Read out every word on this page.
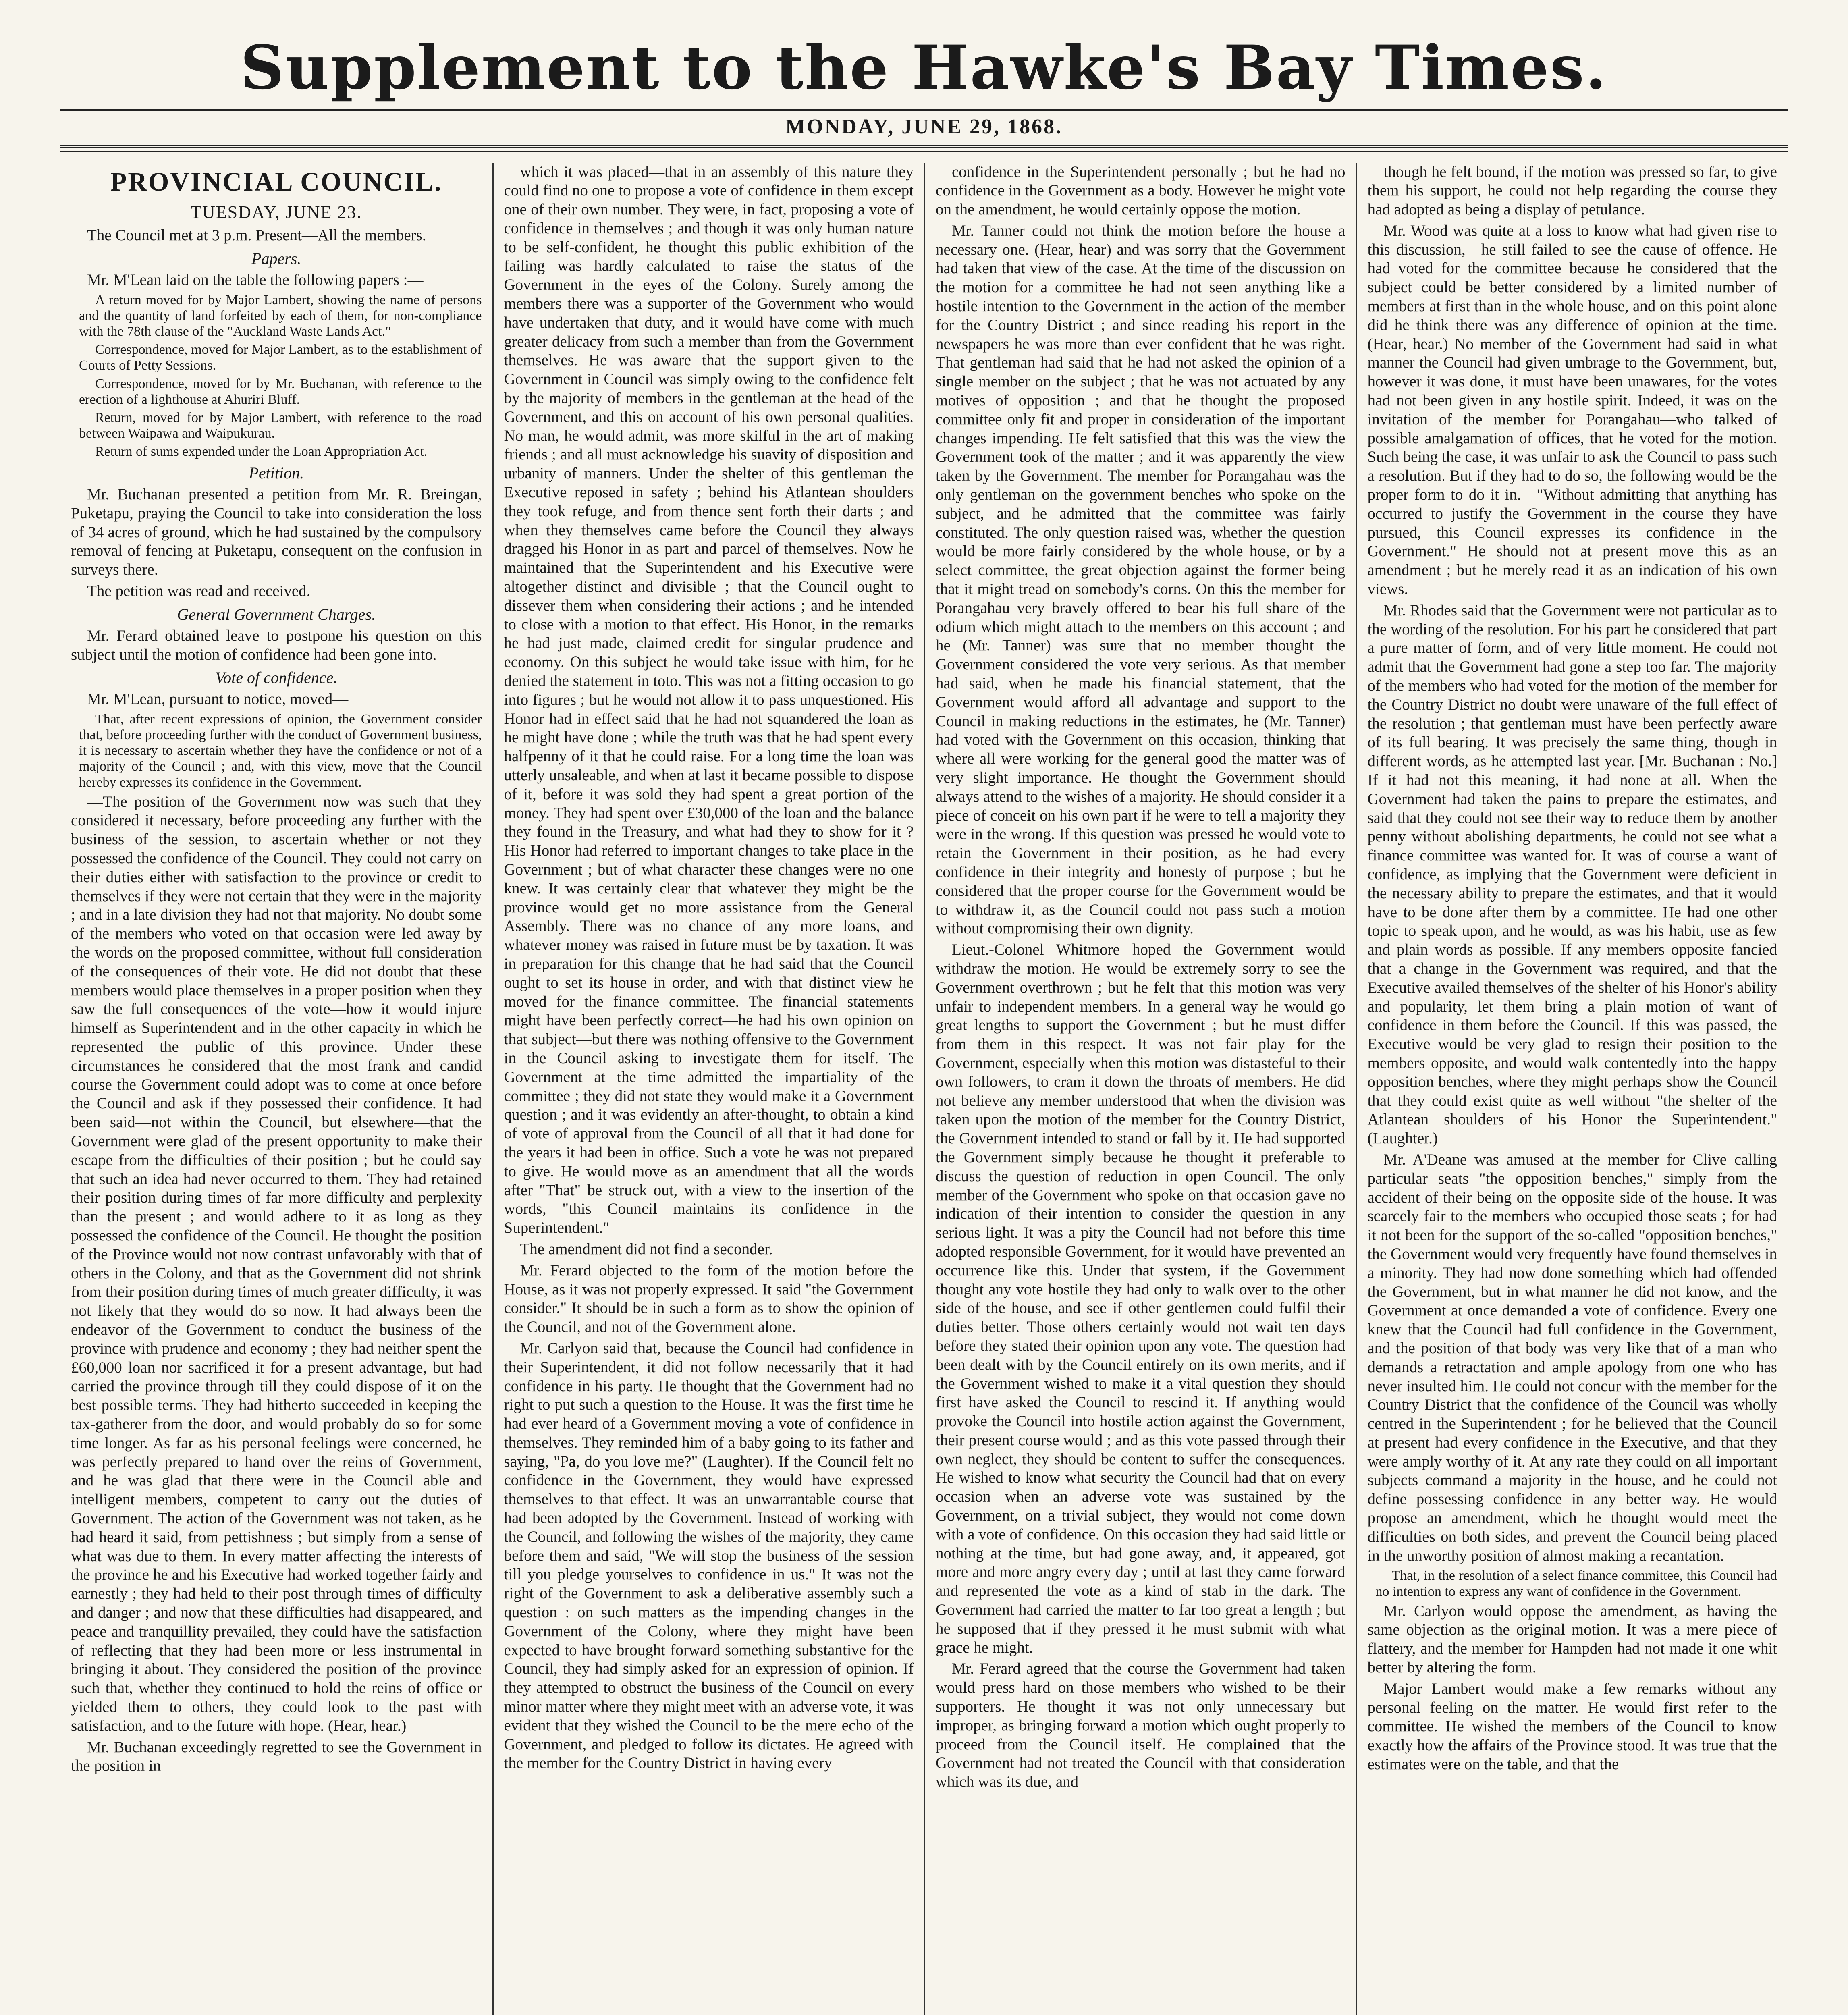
Supplement to the Hawke's Bay Times.
MONDAY, JUNE 29, 1868.
PROVINCIAL COUNCIL.
TUESDAY, JUNE 23.

The Council met at 3 p.m. Present—All the members.

Papers.

Mr. M'Lean laid on the table the following papers :—

A return moved for by Major Lambert, showing the name of persons and the quantity of land forfeited by each of them, for non-compliance with the 78th clause of the "Auckland Waste Lands Act."

Correspondence, moved for Major Lambert, as to the establishment of Courts of Petty Sessions.

Correspondence, moved for by Mr. Buchanan, with reference to the erection of a lighthouse at Ahuriri Bluff.

Return, moved for by Major Lambert, with reference to the road between Waipawa and Waipukurau.

Return of sums expended under the Loan Appropriation Act.

Petition.

Mr. Buchanan presented a petition from Mr. R. Breingan, Puketapu, praying the Council to take into consideration the loss of 34 acres of ground, which he had sustained by the compulsory removal of fencing at Puketapu, consequent on the confusion in surveys there.

The petition was read and received.

General Government Charges.

Mr. Ferard obtained leave to postpone his question on this subject until the motion of confidence had been gone into.

Vote of confidence.

Mr. M'Lean, pursuant to notice, moved—

That, after recent expressions of opinion, the Government consider that, before proceeding further with the conduct of Government business, it is necessary to ascertain whether they have the confidence or not of a majority of the Council ; and, with this view, move that the Council hereby expresses its confidence in the Government.

—The position of the Government now was such that they considered it necessary, before proceeding any further with the business of the session, to ascertain whether or not they possessed the confidence of the Council. They could not carry on their duties either with satisfaction to the province or credit to themselves if they were not certain that they were in the majority ; and in a late division they had not that majority. No doubt some of the members who voted on that occasion were led away by the words on the proposed committee, without full consideration of the consequences of their vote. He did not doubt that these members would place themselves in a proper position when they saw the full consequences of the vote—how it would injure himself as Superintendent and in the other capacity in which he represented the public of this province. Under these circumstances he considered that the most frank and candid course the Government could adopt was to come at once before the Council and ask if they possessed their confidence. It had been said—not within the Council, but elsewhere—that the Government were glad of the present opportunity to make their escape from the difficulties of their position ; but he could say that such an idea had never occurred to them. They had retained their position during times of far more difficulty and perplexity than the present ; and would adhere to it as long as they possessed the confidence of the Council. He thought the position of the Province would not now contrast unfavorably with that of others in the Colony, and that as the Government did not shrink from their position during times of much greater difficulty, it was not likely that they would do so now. It had always been the endeavor of the Government to conduct the business of the province with prudence and economy ; they had neither spent the £60,000 loan nor sacrificed it for a present advantage, but had carried the province through till they could dispose of it on the best possible terms. They had hitherto succeeded in keeping the tax-gatherer from the door, and would probably do so for some time longer. As far as his personal feelings were concerned, he was perfectly prepared to hand over the reins of Government, and he was glad that there were in the Council able and intelligent members, competent to carry out the duties of Government. The action of the Government was not taken, as he had heard it said, from pettishness ; but simply from a sense of what was due to them. In every matter affecting the interests of the province he and his Executive had worked together fairly and earnestly ; they had held to their post through times of difficulty and danger ; and now that these difficulties had disappeared, and peace and tranquillity prevailed, they could have the satisfaction of reflecting that they had been more or less instrumental in bringing it about. They considered the position of the province such that, whether they continued to hold the reins of office or yielded them to others, they could look to the past with satisfaction, and to the future with hope. (Hear, hear.)

Mr. Buchanan exceedingly regretted to see the Government in the position in

which it was placed—that in an assembly of this nature they could find no one to propose a vote of confidence in them except one of their own number. They were, in fact, proposing a vote of confidence in themselves ; and though it was only human nature to be self-confident, he thought this public exhibition of the failing was hardly calculated to raise the status of the Government in the eyes of the Colony. Surely among the members there was a supporter of the Government who would have undertaken that duty, and it would have come with much greater delicacy from such a member than from the Government themselves. He was aware that the support given to the Government in Council was simply owing to the confidence felt by the majority of members in the gentleman at the head of the Government, and this on account of his own personal qualities. No man, he would admit, was more skilful in the art of making friends ; and all must acknowledge his suavity of disposition and urbanity of manners. Under the shelter of this gentleman the Executive reposed in safety ; behind his Atlantean shoulders they took refuge, and from thence sent forth their darts ; and when they themselves came before the Council they always dragged his Honor in as part and parcel of themselves. Now he maintained that the Superintendent and his Executive were altogether distinct and divisible ; that the Council ought to dissever them when considering their actions ; and he intended to close with a motion to that effect. His Honor, in the remarks he had just made, claimed credit for singular prudence and economy. On this subject he would take issue with him, for he denied the statement in toto. This was not a fitting occasion to go into figures ; but he would not allow it to pass unquestioned. His Honor had in effect said that he had not squandered the loan as he might have done ; while the truth was that he had spent every halfpenny of it that he could raise. For a long time the loan was utterly unsaleable, and when at last it became possible to dispose of it, before it was sold they had spent a great portion of the money. They had spent over £30,000 of the loan and the balance they found in the Treasury, and what had they to show for it ? His Honor had referred to important changes to take place in the Government ; but of what character these changes were no one knew. It was certainly clear that whatever they might be the province would get no more assistance from the General Assembly. There was no chance of any more loans, and whatever money was raised in future must be by taxation. It was in preparation for this change that he had said that the Council ought to set its house in order, and with that distinct view he moved for the finance committee. The financial statements might have been perfectly correct—he had his own opinion on that subject—but there was nothing offensive to the Government in the Council asking to investigate them for itself. The Government at the time admitted the impartiality of the committee ; they did not state they would make it a Government question ; and it was evidently an after-thought, to obtain a kind of vote of approval from the Council of all that it had done for the years it had been in office. Such a vote he was not prepared to give. He would move as an amendment that all the words after "That" be struck out, with a view to the insertion of the words, "this Council maintains its confidence in the Superintendent."

The amendment did not find a seconder.

Mr. Ferard objected to the form of the motion before the House, as it was not properly expressed. It said "the Government consider." It should be in such a form as to show the opinion of the Council, and not of the Government alone.

Mr. Carlyon said that, because the Council had confidence in their Superintendent, it did not follow necessarily that it had confidence in his party. He thought that the Government had no right to put such a question to the House. It was the first time he had ever heard of a Government moving a vote of confidence in themselves. They reminded him of a baby going to its father and saying, "Pa, do you love me?" (Laughter). If the Council felt no confidence in the Government, they would have expressed themselves to that effect. It was an unwarrantable course that had been adopted by the Government. Instead of working with the Council, and following the wishes of the majority, they came before them and said, "We will stop the business of the session till you pledge yourselves to confidence in us." It was not the right of the Government to ask a deliberative assembly such a question : on such matters as the impending changes in the Government of the Colony, where they might have been expected to have brought forward something substantive for the Council, they had simply asked for an expression of opinion. If they attempted to obstruct the business of the Council on every minor matter where they might meet with an adverse vote, it was evident that they wished the Council to be the mere echo of the Government, and pledged to follow its dictates. He agreed with the member for the Country District in having every

confidence in the Superintendent personally ; but he had no confidence in the Government as a body. However he might vote on the amendment, he would certainly oppose the motion.

Mr. Tanner could not think the motion before the house a necessary one. (Hear, hear) and was sorry that the Government had taken that view of the case. At the time of the discussion on the motion for a committee he had not seen anything like a hostile intention to the Government in the action of the member for the Country District ; and since reading his report in the newspapers he was more than ever confident that he was right. That gentleman had said that he had not asked the opinion of a single member on the subject ; that he was not actuated by any motives of opposition ; and that he thought the proposed committee only fit and proper in consideration of the important changes impending. He felt satisfied that this was the view the Government took of the matter ; and it was apparently the view taken by the Government. The member for Porangahau was the only gentleman on the government benches who spoke on the subject, and he admitted that the committee was fairly constituted. The only question raised was, whether the question would be more fairly considered by the whole house, or by a select committee, the great objection against the former being that it might tread on somebody's corns. On this the member for Porangahau very bravely offered to bear his full share of the odium which might attach to the members on this account ; and he (Mr. Tanner) was sure that no member thought the Government considered the vote very serious. As that member had said, when he made his financial statement, that the Government would afford all advantage and support to the Council in making reductions in the estimates, he (Mr. Tanner) had voted with the Government on this occasion, thinking that where all were working for the general good the matter was of very slight importance. He thought the Government should always attend to the wishes of a majority. He should consider it a piece of conceit on his own part if he were to tell a majority they were in the wrong. If this question was pressed he would vote to retain the Government in their position, as he had every confidence in their integrity and honesty of purpose ; but he considered that the proper course for the Government would be to withdraw it, as the Council could not pass such a motion without compromising their own dignity.

Lieut.-Colonel Whitmore hoped the Government would withdraw the motion. He would be extremely sorry to see the Government overthrown ; but he felt that this motion was very unfair to independent members. In a general way he would go great lengths to support the Government ; but he must differ from them in this respect. It was not fair play for the Government, especially when this motion was distasteful to their own followers, to cram it down the throats of members. He did not believe any member understood that when the division was taken upon the motion of the member for the Country District, the Government intended to stand or fall by it. He had supported the Government simply because he thought it preferable to discuss the question of reduction in open Council. The only member of the Government who spoke on that occasion gave no indication of their intention to consider the question in any serious light. It was a pity the Council had not before this time adopted responsible Government, for it would have prevented an occurrence like this. Under that system, if the Government thought any vote hostile they had only to walk over to the other side of the house, and see if other gentlemen could fulfil their duties better. Those others certainly would not wait ten days before they stated their opinion upon any vote. The question had been dealt with by the Council entirely on its own merits, and if the Government wished to make it a vital question they should first have asked the Council to rescind it. If anything would provoke the Council into hostile action against the Government, their present course would ; and as this vote passed through their own neglect, they should be content to suffer the consequences. He wished to know what security the Council had that on every occasion when an adverse vote was sustained by the Government, on a trivial subject, they would not come down with a vote of confidence. On this occasion they had said little or nothing at the time, but had gone away, and, it appeared, got more and more angry every day ; until at last they came forward and represented the vote as a kind of stab in the dark. The Government had carried the matter to far too great a length ; but he supposed that if they pressed it he must submit with what grace he might.

Mr. Ferard agreed that the course the Government had taken would press hard on those members who wished to be their supporters. He thought it was not only unnecessary but improper, as bringing forward a motion which ought properly to proceed from the Council itself. He complained that the Government had not treated the Council with that consideration which was its due, and

though he felt bound, if the motion was pressed so far, to give them his support, he could not help regarding the course they had adopted as being a display of petulance.

Mr. Wood was quite at a loss to know what had given rise to this discussion,—he still failed to see the cause of offence. He had voted for the committee because he considered that the subject could be better considered by a limited number of members at first than in the whole house, and on this point alone did he think there was any difference of opinion at the time. (Hear, hear.) No member of the Government had said in what manner the Council had given umbrage to the Government, but, however it was done, it must have been unawares, for the votes had not been given in any hostile spirit. Indeed, it was on the invitation of the member for Porangahau—who talked of possible amalgamation of offices, that he voted for the motion. Such being the case, it was unfair to ask the Council to pass such a resolution. But if they had to do so, the following would be the proper form to do it in.—"Without admitting that anything has occurred to justify the Government in the course they have pursued, this Council expresses its confidence in the Government." He should not at present move this as an amendment ; but he merely read it as an indication of his own views.

Mr. Rhodes said that the Government were not particular as to the wording of the resolution. For his part he considered that part a pure matter of form, and of very little moment. He could not admit that the Government had gone a step too far. The majority of the members who had voted for the motion of the member for the Country District no doubt were unaware of the full effect of the resolution ; that gentleman must have been perfectly aware of its full bearing. It was precisely the same thing, though in different words, as he attempted last year. [Mr. Buchanan : No.] If it had not this meaning, it had none at all. When the Government had taken the pains to prepare the estimates, and said that they could not see their way to reduce them by another penny without abolishing departments, he could not see what a finance committee was wanted for. It was of course a want of confidence, as implying that the Government were deficient in the necessary ability to prepare the estimates, and that it would have to be done after them by a committee. He had one other topic to speak upon, and he would, as was his habit, use as few and plain words as possible. If any members opposite fancied that a change in the Government was required, and that the Executive availed themselves of the shelter of his Honor's ability and popularity, let them bring a plain motion of want of confidence in them before the Council. If this was passed, the Executive would be very glad to resign their position to the members opposite, and would walk contentedly into the happy opposition benches, where they might perhaps show the Council that they could exist quite as well without "the shelter of the Atlantean shoulders of his Honor the Superintendent." (Laughter.)

Mr. A'Deane was amused at the member for Clive calling particular seats "the opposition benches," simply from the accident of their being on the opposite side of the house. It was scarcely fair to the members who occupied those seats ; for had it not been for the support of the so-called "opposition benches," the Government would very frequently have found themselves in a minority. They had now done something which had offended the Government, but in what manner he did not know, and the Government at once demanded a vote of confidence. Every one knew that the Council had full confidence in the Government, and the position of that body was very like that of a man who demands a retractation and ample apology from one who has never insulted him. He could not concur with the member for the Country District that the confidence of the Council was wholly centred in the Superintendent ; for he believed that the Council at present had every confidence in the Executive, and that they were amply worthy of it. At any rate they could on all important subjects command a majority in the house, and he could not define possessing confidence in any better way. He would propose an amendment, which he thought would meet the difficulties on both sides, and prevent the Council being placed in the unworthy position of almost making a recantation.

That, in the resolution of a select finance committee, this Council had no intention to express any want of confidence in the Government.

Mr. Carlyon would oppose the amendment, as having the same objection as the original motion. It was a mere piece of flattery, and the member for Hampden had not made it one whit better by altering the form.

Major Lambert would make a few remarks without any personal feeling on the matter. He would first refer to the committee. He wished the members of the Council to know exactly how the affairs of the Province stood. It was true that the estimates were on the table, and that the
